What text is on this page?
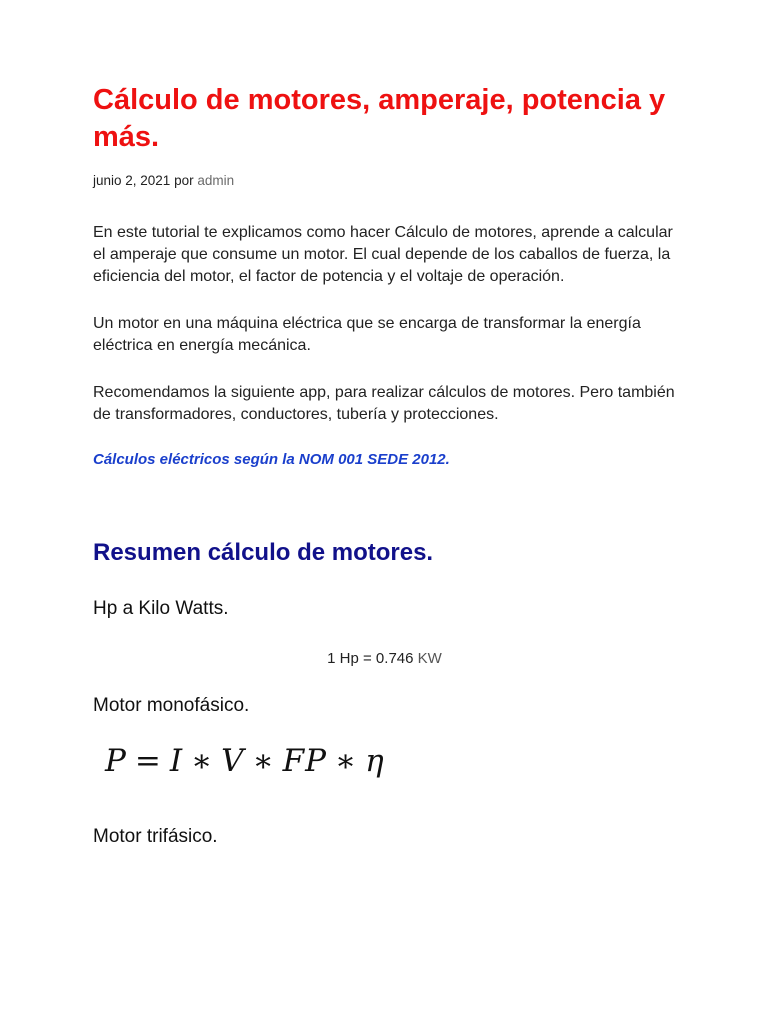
Cálculo de motores, amperaje, potencia y más.
junio 2, 2021 por admin

En este tutorial te explicamos como hacer Cálculo de motores, aprende a calcular el amperaje que consume un motor. El cual depende de los caballos de fuerza, la eficiencia del motor, el factor de potencia y el voltaje de operación.

Un motor en una máquina eléctrica que se encarga de transformar la energía eléctrica en energía mecánica.

Recomendamos la siguiente app, para realizar cálculos de motores. Pero también de transformadores, conductores, tubería y protecciones.

Cálculos eléctricos según la NOM 001 SEDE 2012.
Resumen cálculo de motores.
Hp a Kilo Watts.
1 Hp = 0.746 KW
Motor monofásico.
P = I ∗ V ∗ FP ∗ η
Motor trifásico.
